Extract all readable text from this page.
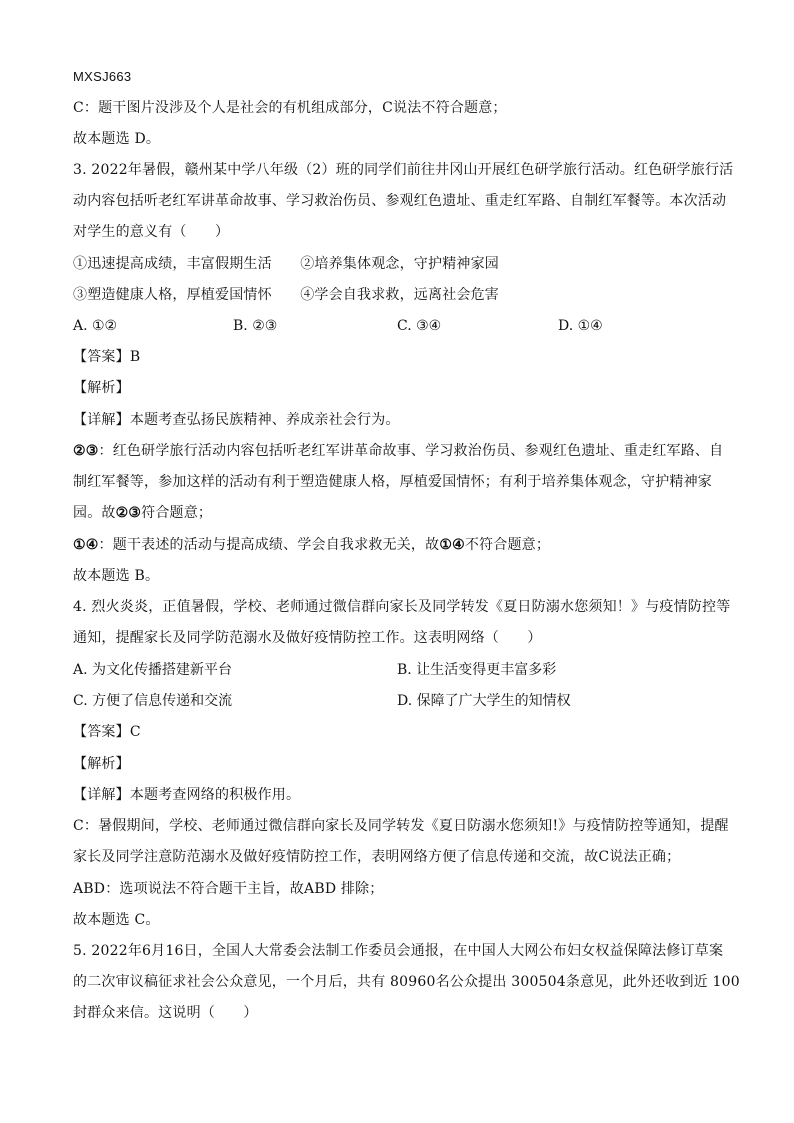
MXSJ663
C：题干图片没涉及个人是社会的有机组成部分，C说法不符合题意；
故本题选 D。
3. 2022年暑假，赣州某中学八年级（2）班的同学们前往井冈山开展红色研学旅行活动。红色研学旅行活
动内容包括听老红军讲革命故事、学习救治伤员、参观红色遗址、重走红军路、自制红军餐等。本次活动
对学生的意义有（　　）
①迅速提高成绩，丰富假期生活　　②培养集体观念，守护精神家园
③塑造健康人格，厚植爱国情怀　　④学会自我求救，远离社会危害
A. ①②	B. ②③	C. ③④	D. ①④
【答案】B
【解析】
【详解】本题考查弘扬民族精神、养成亲社会行为。
②③：红色研学旅行活动内容包括听老红军讲革命故事、学习救治伤员、参观红色遗址、重走红军路、自
制红军餐等，参加这样的活动有利于塑造健康人格，厚植爱国情怀；有利于培养集体观念，守护精神家
园。故②③符合题意；
①④：题干表述的活动与提高成绩、学会自我求救无关，故①④不符合题意；
故本题选 B。
4. 烈火炎炎，正值暑假，学校、老师通过微信群向家长及同学转发《夏日防溺水您须知！》与疫情防控等
通知，提醒家长及同学防范溺水及做好疫情防控工作。这表明网络（　　）
A. 为文化传播搭建新平台	B. 让生活变得更丰富多彩
C. 方便了信息传递和交流	D. 保障了广大学生的知情权
【答案】C
【解析】
【详解】本题考查网络的积极作用。
C：暑假期间，学校、老师通过微信群向家长及同学转发《夏日防溺水您须知!》与疫情防控等通知，提醒
家长及同学注意防范溺水及做好疫情防控工作，表明网络方便了信息传递和交流，故C说法正确；
ABD：选项说法不符合题干主旨，故ABD 排除；
故本题选 C。
5. 2022年6月16日，全国人大常委会法制工作委员会通报，在中国人大网公布妇女权益保障法修订草案
的二次审议稿征求社会公众意见，一个月后，共有 80960名公众提出 300504条意见，此外还收到近 100
封群众来信。这说明（　　）
